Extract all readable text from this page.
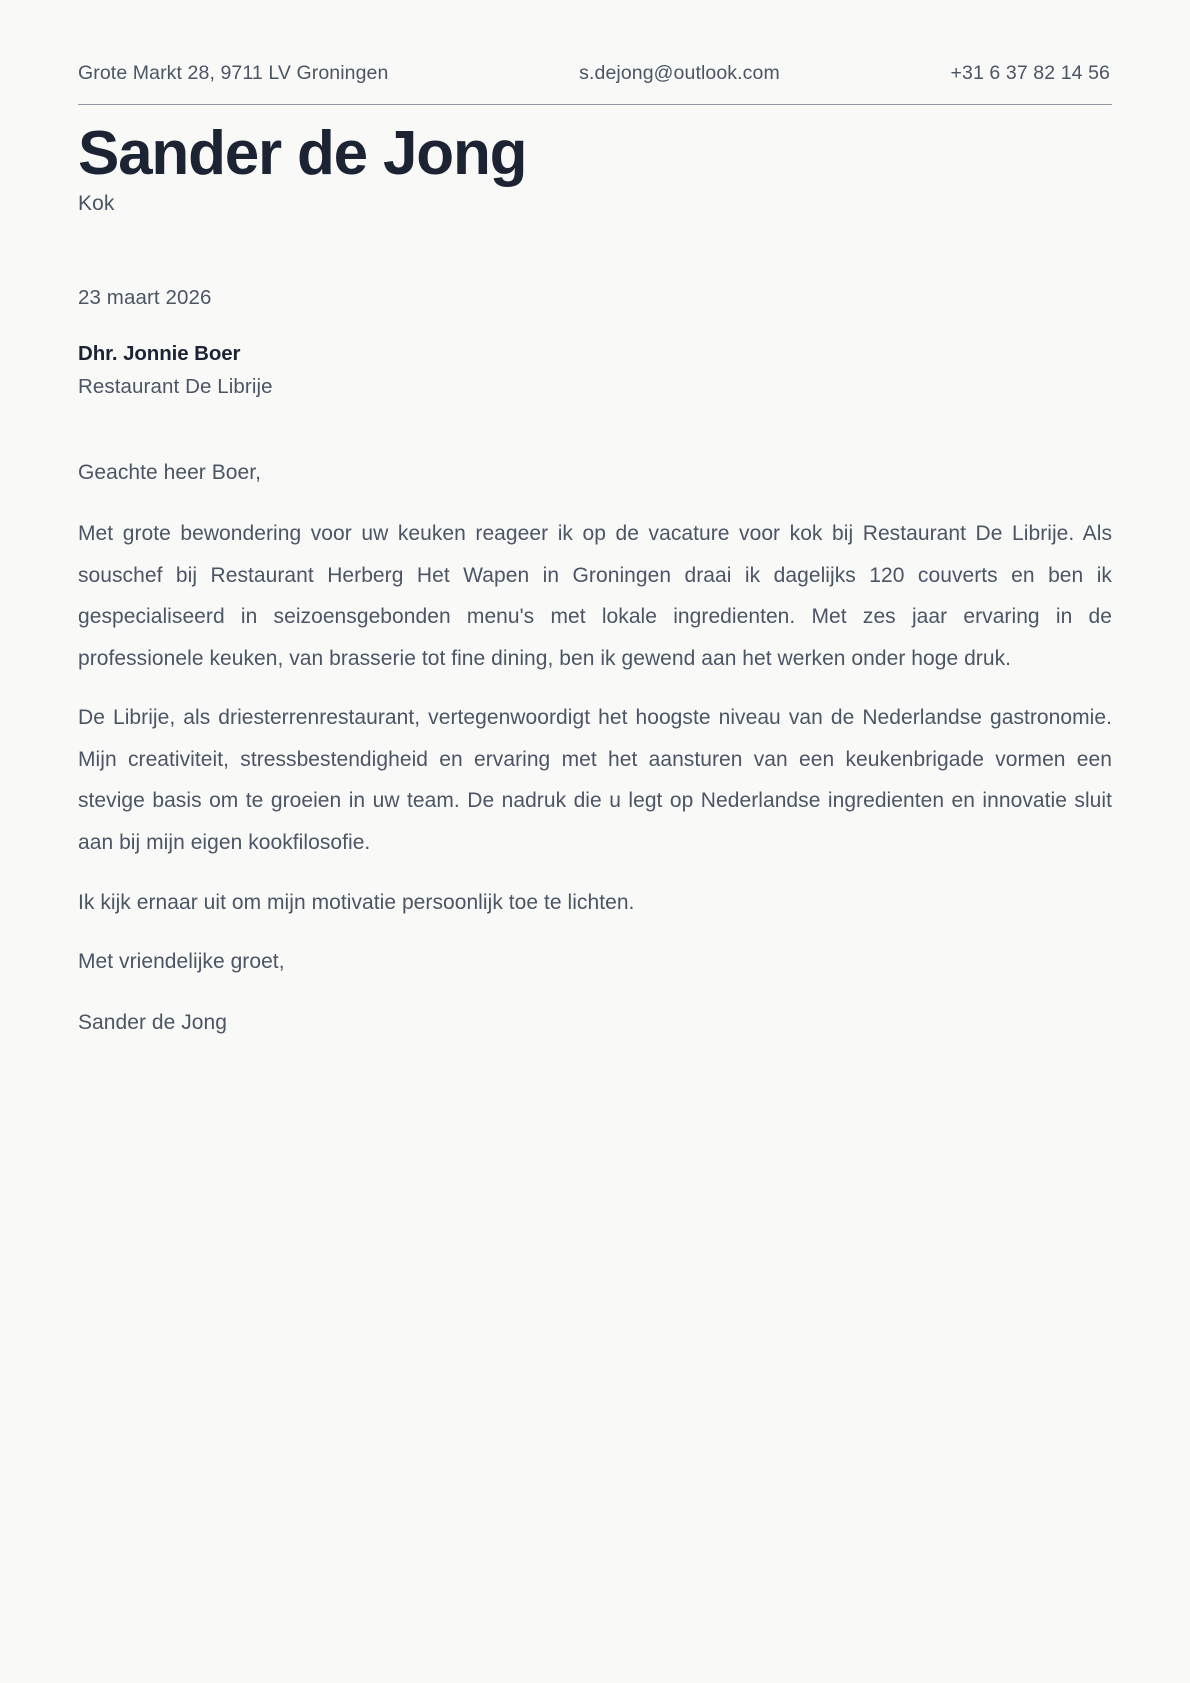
Grote Markt 28, 9711 LV Groningen	s.dejong@outlook.com	+31 6 37 82 14 56
Sander de Jong
Kok
23 maart 2026
Dhr. Jonnie Boer
Restaurant De Librije

Geachte heer Boer,

Met grote bewondering voor uw keuken reageer ik op de vacature voor kok bij Restaurant De Librije. Als souschef bij Restaurant Herberg Het Wapen in Groningen draai ik dagelijks 120 couverts en ben ik gespecialiseerd in seizoensgebonden menu's met lokale ingredienten. Met zes jaar ervaring in de professionele keuken, van brasserie tot fine dining, ben ik gewend aan het werken onder hoge druk.

De Librije, als driesterrenrestaurant, vertegenwoordigt het hoogste niveau van de Nederlandse gastronomie. Mijn creativiteit, stressbestendigheid en ervaring met het aansturen van een keukenbrigade vormen een stevige basis om te groeien in uw team. De nadruk die u legt op Nederlandse ingredienten en innovatie sluit aan bij mijn eigen kookfilosofie.

Ik kijk ernaar uit om mijn motivatie persoonlijk toe te lichten.

Met vriendelijke groet,

Sander de Jong
